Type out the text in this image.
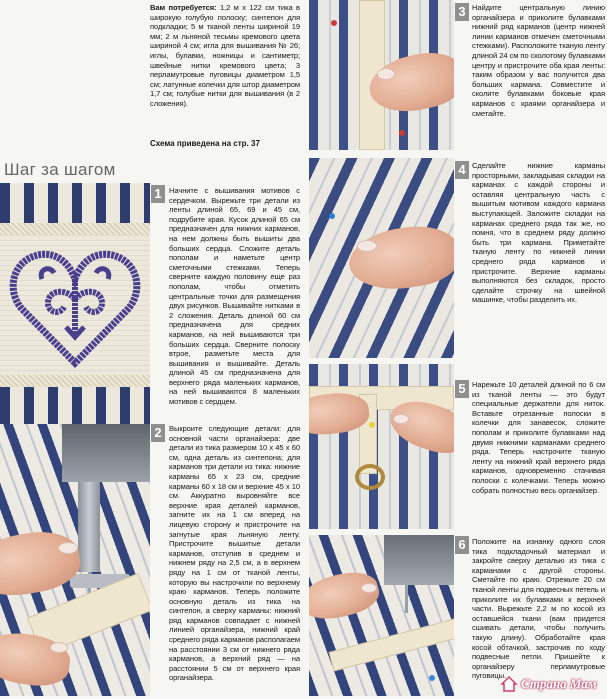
Вам потребуется: 1,2 м x 122 см тика в широкую голубую полоску; синтепон для подкладки; 5 м тканой ленты шириной 19 мм; 2 м льняной тесьмы кремового цвета шириной 4 см; игла для вышивания № 26; иглы, булавки, ножницы и сантиметр; швейные нитки кремового цвета; 3 перламутровые пуговицы диаметром 1,5 см; латунные колечки для штор диаметром 1,7 см; голубые нитки для вышивания (в 2 сложения).
Схема приведена на стр. 37
Шаг за шагом
1 Начните с вышивания мотивов с сердечком. Вырежьте три детали из ленты длиной 65, 69 и 45 см, подрубите края. Кусок длиной 65 см предназначен для нижних карманов, на нем должны быть вышиты два больших сердца. Сложите деталь пополам и наметьте центр сметочными стежками. Теперь сверните каждую половину еще раз пополам, чтобы отметить центральные точки для размещения двух рисунков. Вышивайте нитками в 2 сложения. Деталь длиной 60 см предназначена для средних карманов, на ней вышиваются три больших сердца. Сверните полоску втрое, разметьте места для вышивания и вышивайте. Деталь длиной 45 см предназначена для верхнего ряда маленьких карманов, на ней вышиваются 8 маленьких мотивов с сердцем.
2 Выкроите следующие детали: для основной части органайзера: две детали из тика размером 10 x 45 x 60 см, одна деталь из синтепона; для карманов три детали из тика: нижние карманы 65 x 23 см, средние карманы 60 x 18 см и верхние 45 x 10 см. Аккуратно выровняйте все верхние края деталей карманов, загните их на 1 см вперед на лицевую сторону и пристрочите на загнутые края льняную ленту. Пристрочите вышитые детали карманов, отступив в среднем и нижнем ряду на 2,5 см, а в верхнем ряду на 1 см от тканой ленты, которую вы настрочили по верхнему краю карманов. Теперь положите основную деталь из тика на синтепон, а сверху карманы: нижний ряд карманов совпадает с нижней линией органайзера, нижний край среднего ряда карманов располагаем на расстоянии 3 см от нижнего ряда карманов, а верхний ряд — на расстоянии 5 см от верхнего края органайзера.
3 Найдите центральную линию органайзера и приколите булавками нижний ряд карманов (центр нижней линии карманов отмечен сметочными стежками). Расположите тканую ленту длиной 24 см по сколотому булавками центру и пристрочите оба края ленты: таким образом у вас получится два больших кармана. Совместите и сколите булавками боковые края карманов с краями органайзера и сметайте.
4 Сделайте нижние карманы просторными, закладывая складки на карманах с каждой стороны и оставляя центральную часть с вышитым мотивом каждого кармана выступающей. Заложите складки на карманах среднего ряда так же, но помня, что в среднем ряду должно быть три кармана. Приметайте тканую ленту по нижней линии среднего ряда карманов и пристрочите. Верхние карманы выполняются без складок, просто сделайте строчку на швейной машинке, чтобы разделить их.
5 Нарежьте 10 деталей длиной по 6 см из тканой ленты — это будут специальные держатели для ниток. Вставьте отрезанные полоски в колечки для занавесок, сложите пополам и приколите булавками над двумя нижними карманами среднего ряда. Теперь настрочите тканую ленту на нижний край верхнего ряда карманов, одновременно стачивая полоски с колечками. Теперь можно собрать полностью весь органайзер.
6 Положите на изнанку одного слоя тика подкладочный материал и закройте сверху деталью из тика с карманами с другой стороны. Сметайте по краю. Отрежьте 20 см тканой ленты для подвесных петель и приколите их булавками к верхней части. Вырежьте 2,2 м по косой из оставшейся ткани (вам придется сшивать детали, чтобы получить такую длину). Обработайте края косой обтачкой, застрочив по ходу подвесные петли. Пришейте к органайзеру перламутровые пуговицы.
Страна Мам
